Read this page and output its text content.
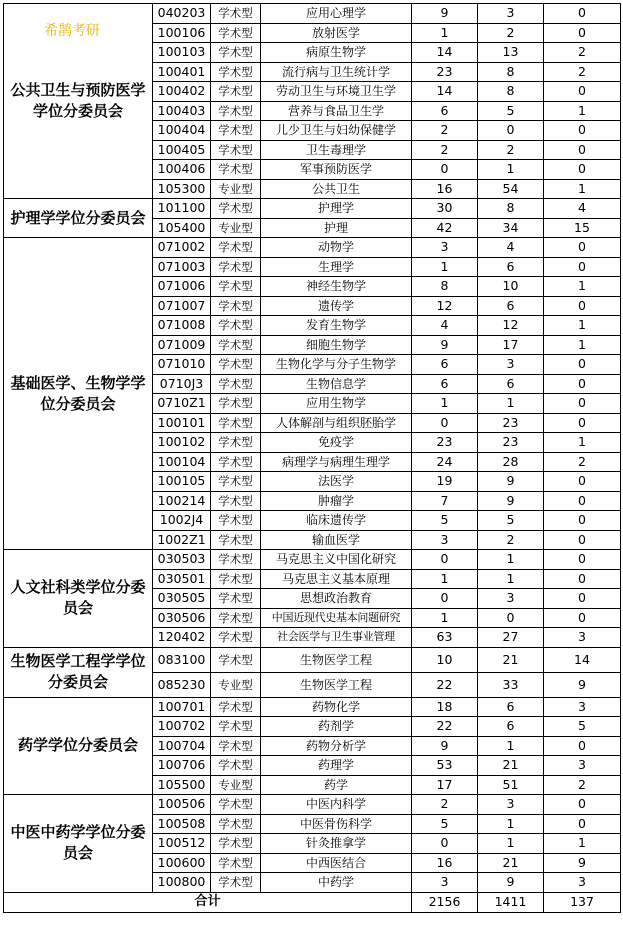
公共卫生与预防医学学位分委员会	040203	学术型	应用心理学	9	3	0
	100106	学术型	放射医学	1	2	0
	100103	学术型	病原生物学	14	13	2
	100401	学术型	流行病与卫生统计学	23	8	2
	100402	学术型	劳动卫生与环境卫生学	14	8	0
	100403	学术型	营养与食品卫生学	6	5	1
	100404	学术型	儿少卫生与妇幼保健学	2	0	0
	100405	学术型	卫生毒理学	2	2	0
	100406	学术型	军事预防医学	0	1	0
	105300	专业型	公共卫生	16	54	1
护理学学位分委员会	101100	学术型	护理学	30	8	4
	105400	专业型	护理	42	34	15
基础医学、生物学学位分委员会	071002	学术型	动物学	3	4	0
	071003	学术型	生理学	1	6	0
	071006	学术型	神经生物学	8	10	1
	071007	学术型	遗传学	12	6	0
	071008	学术型	发育生物学	4	12	1
	071009	学术型	细胞生物学	9	17	1
	071010	学术型	生物化学与分子生物学	6	3	0
	0710J3	学术型	生物信息学	6	6	0
	0710Z1	学术型	应用生物学	1	1	0
	100101	学术型	人体解剖与组织胚胎学	0	23	0
	100102	学术型	免疫学	23	23	1
	100104	学术型	病理学与病理生理学	24	28	2
	100105	学术型	法医学	19	9	0
	100214	学术型	肿瘤学	7	9	0
	1002J4	学术型	临床遗传学	5	5	0
	1002Z1	学术型	输血医学	3	2	0
人文社科类学位分委员会	030503	学术型	马克思主义中国化研究	0	1	0
	030501	学术型	马克思主义基本原理	1	1	0
	030505	学术型	思想政治教育	0	3	0
	030506	学术型	中国近现代史基本问题研究	1	0	0
	120402	学术型	社会医学与卫生事业管理	63	27	3
生物医学工程学学位分委员会	083100	学术型	生物医学工程	10	21	14
	085230	专业型	生物医学工程	22	33	9
药学学位分委员会	100701	学术型	药物化学	18	6	3
	100702	学术型	药剂学	22	6	5
	100704	学术型	药物分析学	9	1	0
	100706	学术型	药理学	53	21	3
	105500	专业型	药学	17	51	2
中医中药学学位分委员会	100506	学术型	中医内科学	2	3	0
	100508	学术型	中医骨伤科学	5	1	0
	100512	学术型	针灸推拿学	0	1	1
	100600	学术型	中西医结合	16	21	9
	100800	学术型	中药学	3	9	3
合计				2156	1411	137
希鹊考研
